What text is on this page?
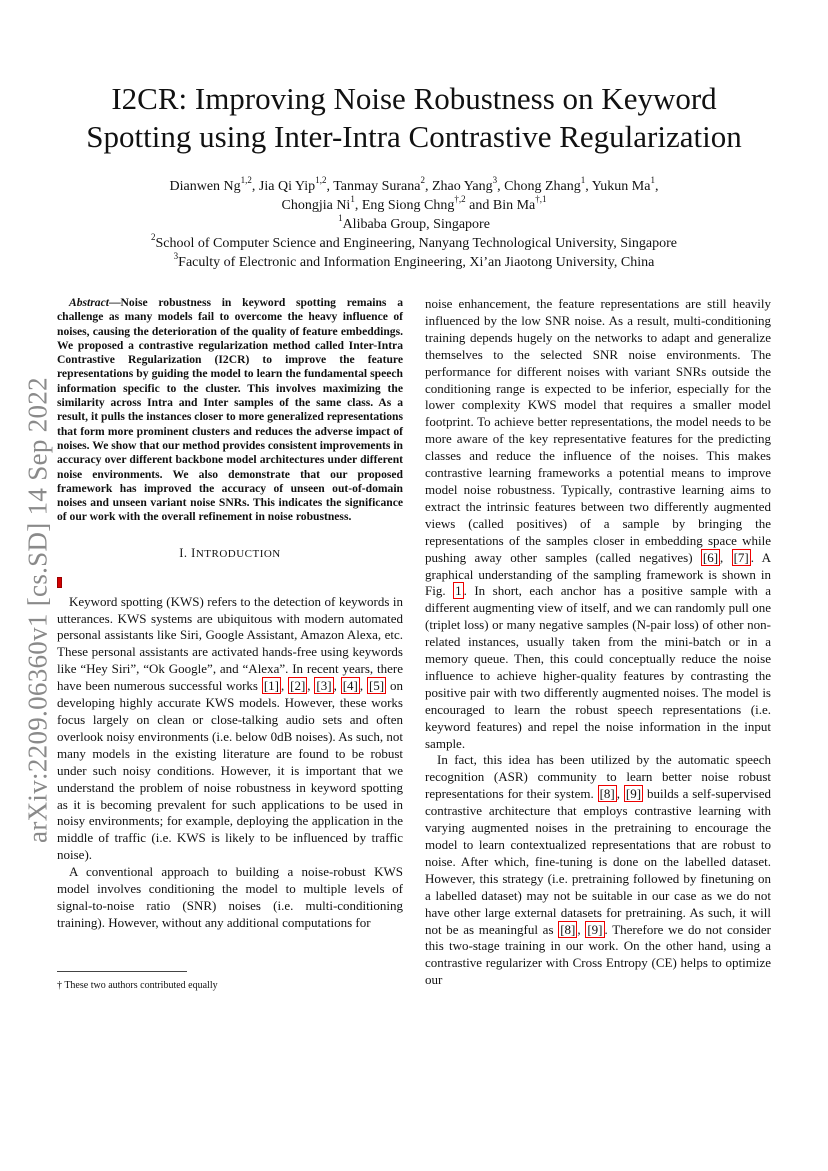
arXiv:2209.06360v1 [cs.SD] 14 Sep 2022
I2CR: Improving Noise Robustness on Keyword
Spotting using Inter-Intra Contrastive Regularization
Dianwen Ng$^{1,2}$, Jia Qi Yip$^{1,2}$, Tanmay Surana$^2$, Zhao Yang$^3$, Chong Zhang$^1$, Yukun Ma$^1$,
Chongjia Ni$^1$, Eng Siong Chng$^{\dagger,2}$ and Bin $Ma^{\dagger,1}$
$^1$Alibaba Group, Singapore
$^2$School of Computer Science and Engineering, Nanyang Technological University, Singapore
$^3$Faculty of Electronic and Information Engineering, Xi’an Jiaotong University, China

Abstract—Noise robustness in keyword spotting remains a challenge as many models fail to overcome the heavy influence of noises, causing the deterioration of the quality of feature embeddings. We proposed a contrastive regularization method called Inter-Intra Contrastive Regularization (I2CR) to improve the feature representations by guiding the model to learn the fundamental speech information specific to the cluster. This involves maximizing the similarity across Intra and Inter samples of the same class. As a result, it pulls the instances closer to more generalized representations that form more prominent clusters and reduces the adverse impact of noises. We show that our method provides consistent improvements in accuracy over different backbone model architectures under different noise environments. We also demonstrate that our proposed framework has improved the accuracy of unseen out-of-domain noises and unseen variant noise SNRs. This indicates the significance of our work with the overall refinement in noise robustness.

I. INTRODUCTION

Keyword spotting (KWS) refers to the detection of keywords in utterances. KWS systems are ubiquitous with modern automated personal assistants like Siri, Google Assistant, Amazon Alexa, etc. These personal assistants are activated hands-free using keywords like “Hey Siri”, “Ok Google”, and “Alexa”. In recent years, there have been numerous successful works [1] , [2] , [3] , [4] , [5] on developing highly accurate KWS models. However, these works focus largely on clean or close-talking audio sets and often overlook noisy environments (i.e. below 0dB noises). As such, not many models in the existing literature are found to be robust under such noisy conditions. However, it is important that we understand the problem of noise robustness in keyword spotting as it is becoming prevalent for such applications to be used in noisy environments; for example, deploying the application in the middle of traffic (i.e. KWS is likely to be influenced by traffic noise).

A conventional approach to building a noise-robust KWS model involves conditioning the model to multiple levels of signal-to-noise ratio (SNR) noises (i.e. multi-conditioning training). However, without any additional computations for

noise enhancement, the feature representations are still heavily influenced by the low SNR noise. As a result, multi-conditioning training depends hugely on the networks to adapt and generalize themselves to the selected SNR noise environments. The performance for different noises with variant SNRs outside the conditioning range is expected to be inferior, especially for the lower complexity KWS model that requires a smaller model footprint. To achieve better representations, the model needs to be more aware of the key representative features for the predicting classes and reduce the influence of the noises. This makes contrastive learning frameworks a potential means to improve model noise robustness. Typically, contrastive learning aims to extract the intrinsic features between two differently augmented views (called positives) of a sample by bringing the representations of the samples closer in embedding space while pushing away other samples (called negatives) [6] , [7] . A graphical understanding of the sampling framework is shown in Fig. 1 . In short, each anchor has a positive sample with a different augmenting view of itself, and we can randomly pull one (triplet loss) or many negative samples (N-pair loss) of other non-related instances, usually taken from the mini-batch or in a memory queue. Then, this could conceptually reduce the noise influence to achieve higher-quality features by contrasting the positive pair with two differently augmented noises. The model is encouraged to learn the robust speech representations (i.e. keyword features) and repel the noise information in the input sample.

In fact, this idea has been utilized by the automatic speech recognition (ASR) community to learn better noise robust representations for their system. [8] , [9] builds a self-supervised contrastive architecture that employs contrastive learning with varying augmented noises in the pretraining to encourage the model to learn contextualized representations that are robust to noise. After which, fine-tuning is done on the labelled dataset. However, this strategy (i.e. pretraining followed by finetuning on a labelled dataset) may not be suitable in our case as we do not have other large external datasets for pretraining. As such, it will not be as meaningful as [8] , [9] . Therefore we do not consider this two-stage training in our work. On the other hand, using a contrastive regularizer with Cross Entropy (CE) helps to optimize our

† These two authors contributed equally
